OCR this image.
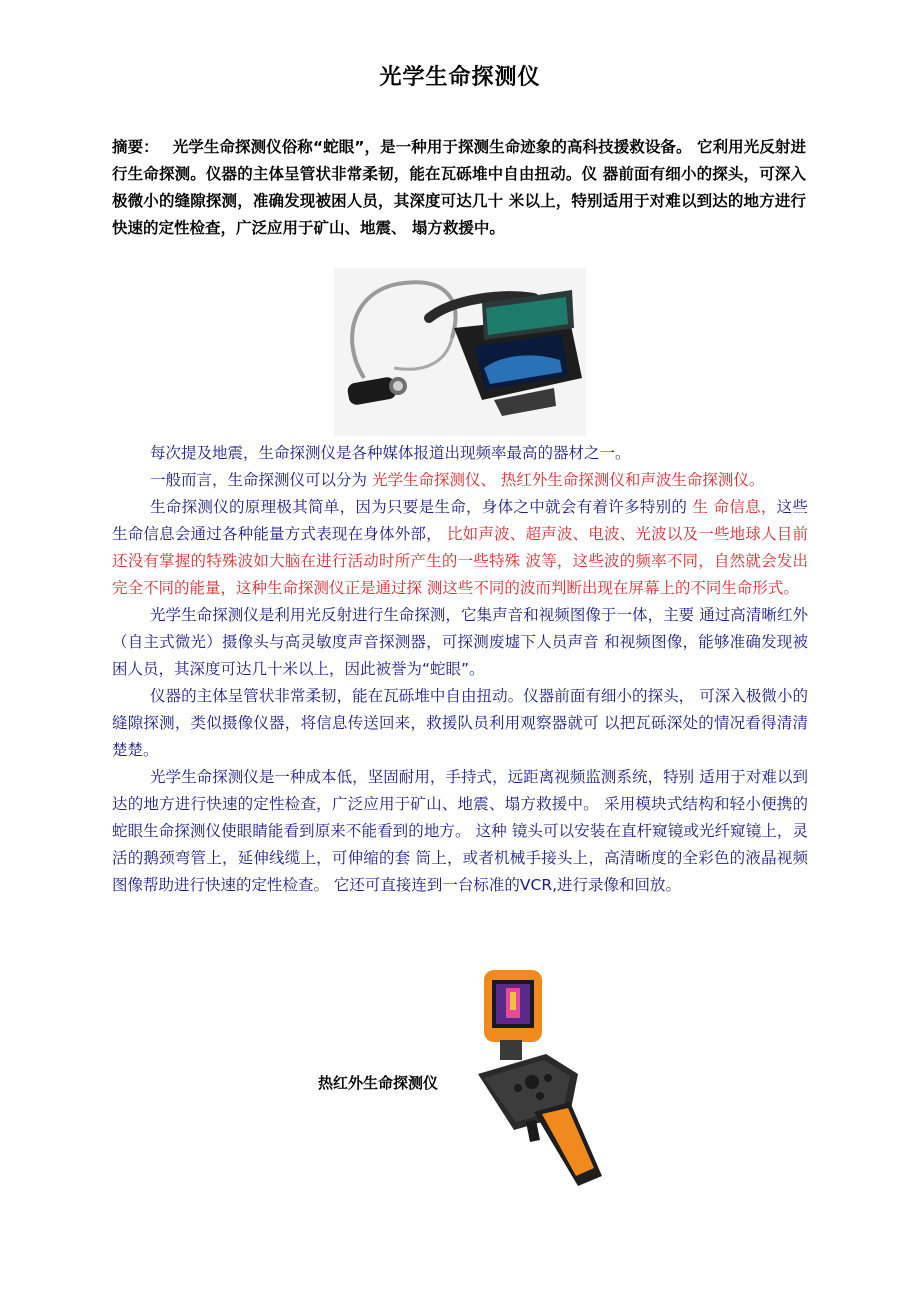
光学生命探测仪
摘要： 光学生命探测仪俗称“蛇眼”，是一种用于探测生命迹象的高科技援救设备。 它利用光反射进行生命探测。仪器的主体呈管状非常柔韧，能在瓦砾堆中自由扭动。仪 器前面有细小的探头，可深入极微小的缝隙探测，准确发现被困人员，其深度可达几十 米以上，特别适用于对难以到达的地方进行快速的定性检查，广泛应用于矿山、地震、 塌方救援中。

每次提及地震，生命探测仪是各种媒体报道出现频率最高的器材之一。

一般而言，生命探测仪可以分为 光学生命探测仪、 热红外生命探测仪和声波生命探测仪。

生命探测仪的原理极其简单，因为只要是生命，身体之中就会有着许多特别的 生 命信息，这些生命信息会通过各种能量方式表现在身体外部， 比如声波、超声波、电波、光波以及一些地球人目前还没有掌握的特殊波如大脑在进行活动时所产生的一些特殊 波等，这些波的频率不同，自然就会发出完全不同的能量，这种生命探测仪正是通过探 测这些不同的波而判断出现在屏幕上的不同生命形式。

光学生命探测仪是利用光反射进行生命探测，它集声音和视频图像于一体，主要 通过高清晰红外（自主式微光）摄像头与高灵敏度声音探测器，可探测废墟下人员声音 和视频图像，能够准确发现被困人员，其深度可达几十米以上，因此被誉为“蛇眼”。

仪器的主体呈管状非常柔韧，能在瓦砾堆中自由扭动。仪器前面有细小的探头， 可深入极微小的缝隙探测，类似摄像仪器，将信息传送回来，救援队员利用观察器就可 以把瓦砾深处的情况看得清清楚楚。

光学生命探测仪是一种成本低，坚固耐用，手持式，远距离视频监测系统，特别 适用于对难以到达的地方进行快速的定性检查，广泛应用于矿山、地震、塌方救援中。 采用模块式结构和轻小便携的蛇眼生命探测仪使眼睛能看到原来不能看到的地方。 这种 镜头可以安装在直杆窥镜或光纤窥镜上，灵活的鹅颈弯管上，延伸线缆上，可伸缩的套 筒上，或者机械手接头上，高清晰度的全彩色的液晶视频图像帮助进行快速的定性检查。 它还可直接连到一台标准的VCR,进行录像和回放。

热红外生命探测仪
